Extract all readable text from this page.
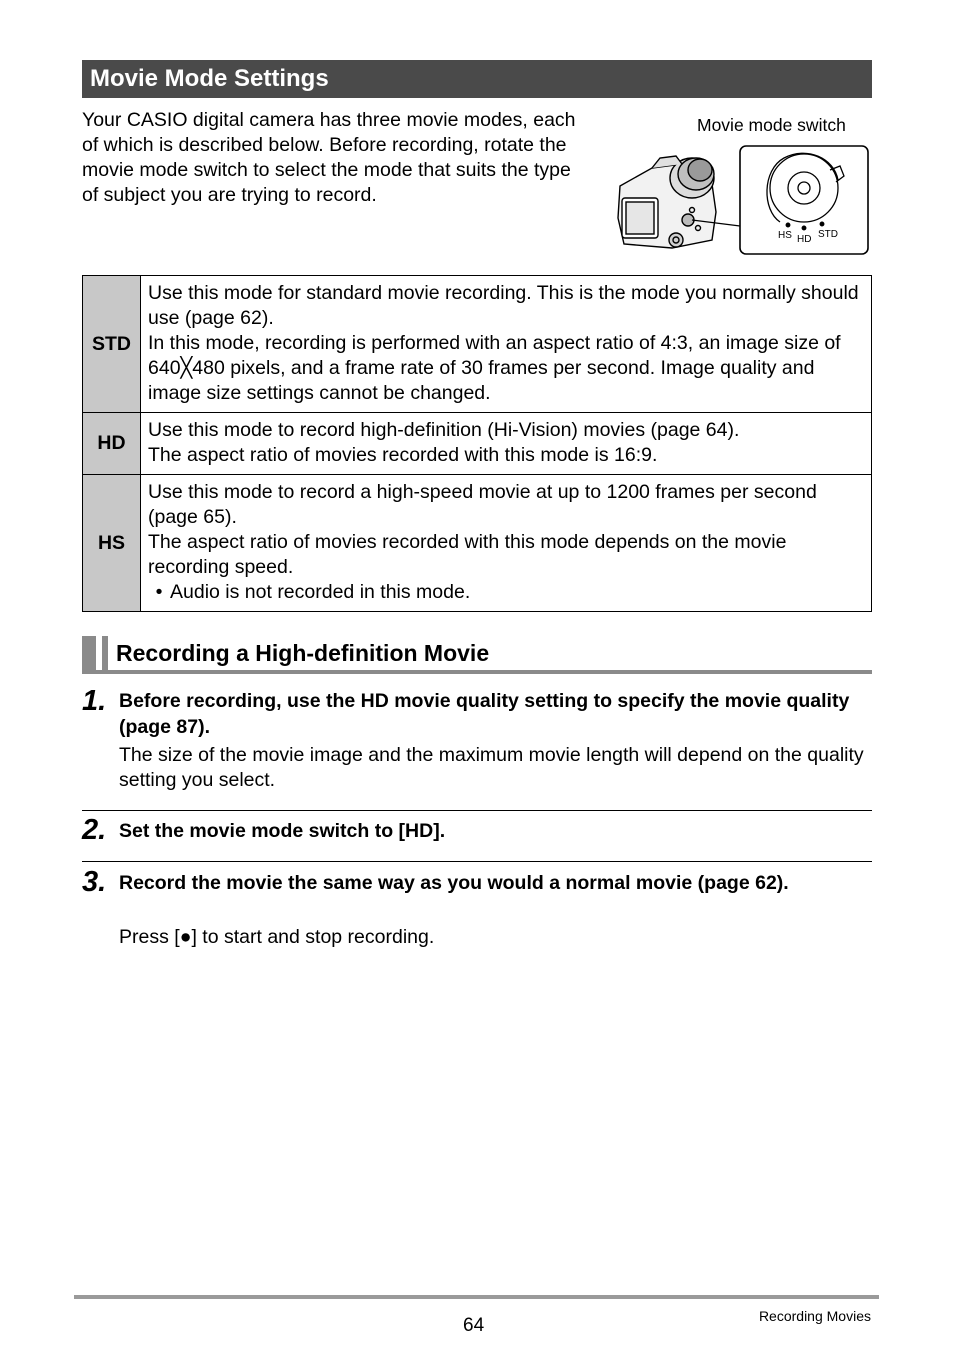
Movie Mode Settings
Your CASIO digital camera has three movie modes, each of which is described below. Before recording, rotate the movie mode switch to select the mode that suits the type of subject you are trying to record.
Movie mode switch
HS HD STD
STD	Use this mode for standard movie recording. This is the mode you normally should use (page 62).

In this mode, recording is performed with an aspect ratio of 4:3, an image size of 640╳480 pixels, and a frame rate of 30 frames per second. Image quality and image size settings cannot be changed.

HD	Use this mode to record high-definition (Hi-Vision) movies (page 64).

The aspect ratio of movies recorded with this mode is 16:9.

HS	Use this mode to record a high-speed movie at up to 1200 frames per second (page 65).

The aspect ratio of movies recorded with this mode depends on the movie recording speed.

• Audio is not recorded in this mode.
Recording a High-definition Movie
1. Before recording, use the HD movie quality setting to specify the movie quality (page 87).
The size of the movie image and the maximum movie length will depend on the quality setting you select.
2. Set the movie mode switch to [HD].
3. Record the movie the same way as you would a normal movie (page 62).
Press [●] to start and stop recording.
64	Recording Movies
